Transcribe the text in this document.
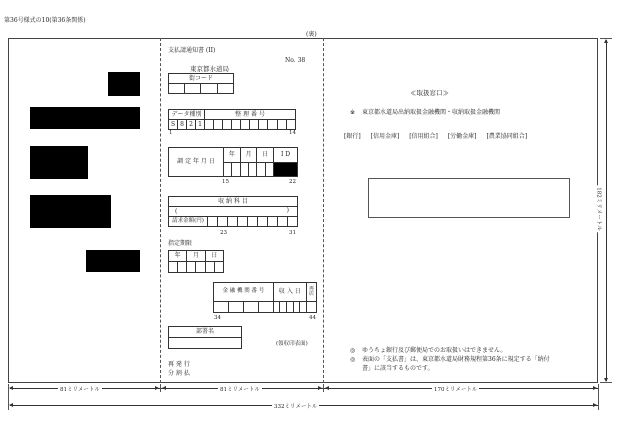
第36号様式の10(第36条関係)
(裏)
支払請通知書 (II)
東京都水道局
No. 38
街コード

データ種別				整 理 番 号									
S	8	2	1										
1	14
調 定 年 月 日	年		月		日		I D

15	22
収 納 科 目
(	)

請求金額(円)									
23	31
指定期限
年		月		日	

金 融 機 関 番 号				収 入 日					再店

34	44
部署名

(領収印表面)
再 発 行
分 割 払
≪取扱窓口≫
※ 東京都水道局出納取扱金融機関・収納取扱金融機関
[銀行] [信用金庫] [信用組合] [労働金庫] [農業協同組合]
◎ ゆうちょ銀行及び郵便局でのお取扱いはできません。
◎ 表面の「支払書」は、東京都水道局財務規程第36条に規定する「納付
書」に該当するものです。
182ミリメートル
81ミリメートル	81ミリメートル	170ミリメートル
332ミリメートル
